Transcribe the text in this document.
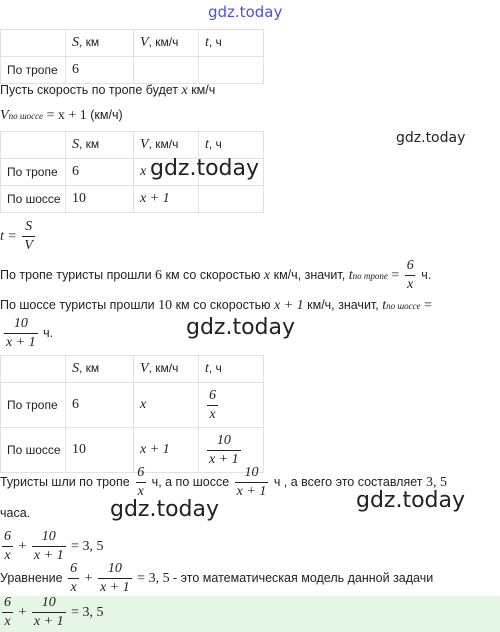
gdz.today
	S, км	V, км/ч	t, ч
По тропе	6		
Пусть скорость по тропе будет x км/ч
Vпо шоссе = x + 1 (км/ч)
	S, км	V, км/ч	t, ч
По тропе	6	x	
По шоссе	10	x + 1	
gdz.today
gdz.today
$t = \frac{S}{V}$
По тропе туристы прошли 6 км со скоростью x км/ч, значит, tпо тропе = $\frac{6}{x} ч$.
По шоссе туристы прошли 10 км со скоростью x + 1 км/ч, значит, tпо шоссе =
$\frac{10}{x + 1} ч$.	gdz.today
	S, км	V, км/ч	t, ч
По тропе	6	x	$\frac{6}{x}$

По шоссе	10	x + 1	$\frac{10}{x + 1}$
Туристы шли по тропе $\frac{6}{x} ч$, а по шоссе $\frac{10}{x + 1}$ ч , а всего это составляет 3, 5
часа.	gdz.today	gdz.today
$\frac{6}{x} + \frac{10}{x + 1} = 3$, 5
Уравнение $\frac{6}{x} + \frac{10}{x + 1} = 3$, 5 - это математическая модель данной задачи
$\frac{6}{x} + \frac{10}{x + 1} = 3$, 5
